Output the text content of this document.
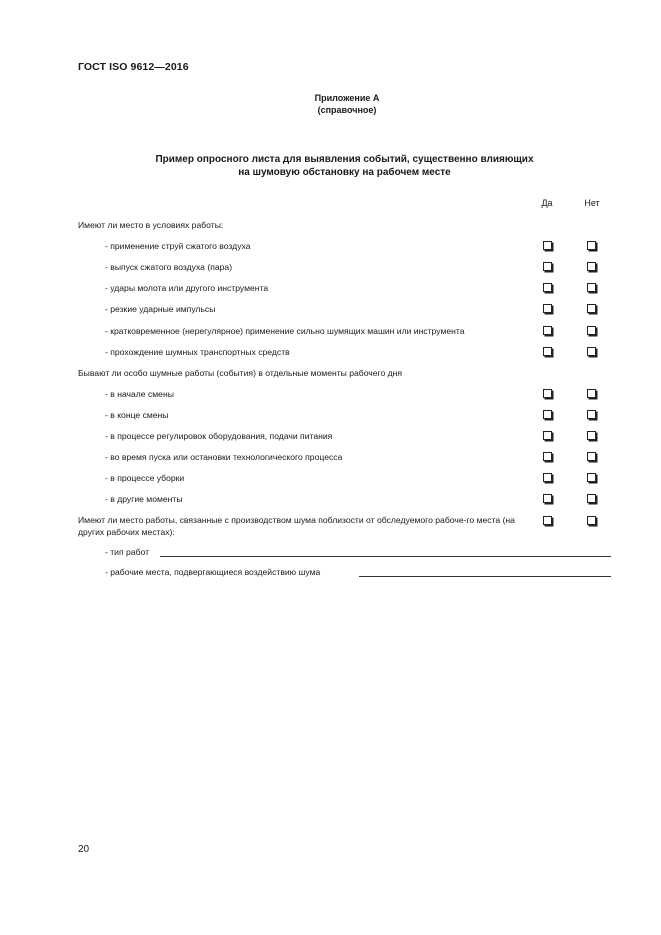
ГОСТ ISO 9612—2016
Приложение А
(справочное)
Пример опросного листа для выявления событий, существенно влияющих
на шумовую обстановку на рабочем месте
Да	Нет
Имеют ли место в условиях работы:
- применение струй сжатого воздуха
- выпуск сжатого воздуха (пара)
- удары молота или другого инструмента
- резкие ударные импульсы
- кратковременное (нерегулярное) применение сильно шумящих машин или инструмента
- прохождение шумных транспортных средств
Бывают ли особо шумные работы (события) в отдельные моменты рабочего дня
- в начале смены
- в конце смены
- в процессе регулировок оборудования, подачи питания
- во время пуска или остановки технологического процесса
- в процессе уборки
- в другие моменты
Имеют ли место работы, связанные с производством шума поблизости от обследуемого рабоче-го места (на других рабочих местах):
- тип работ
- рабочие места, подвергающиеся воздействию шума
20
